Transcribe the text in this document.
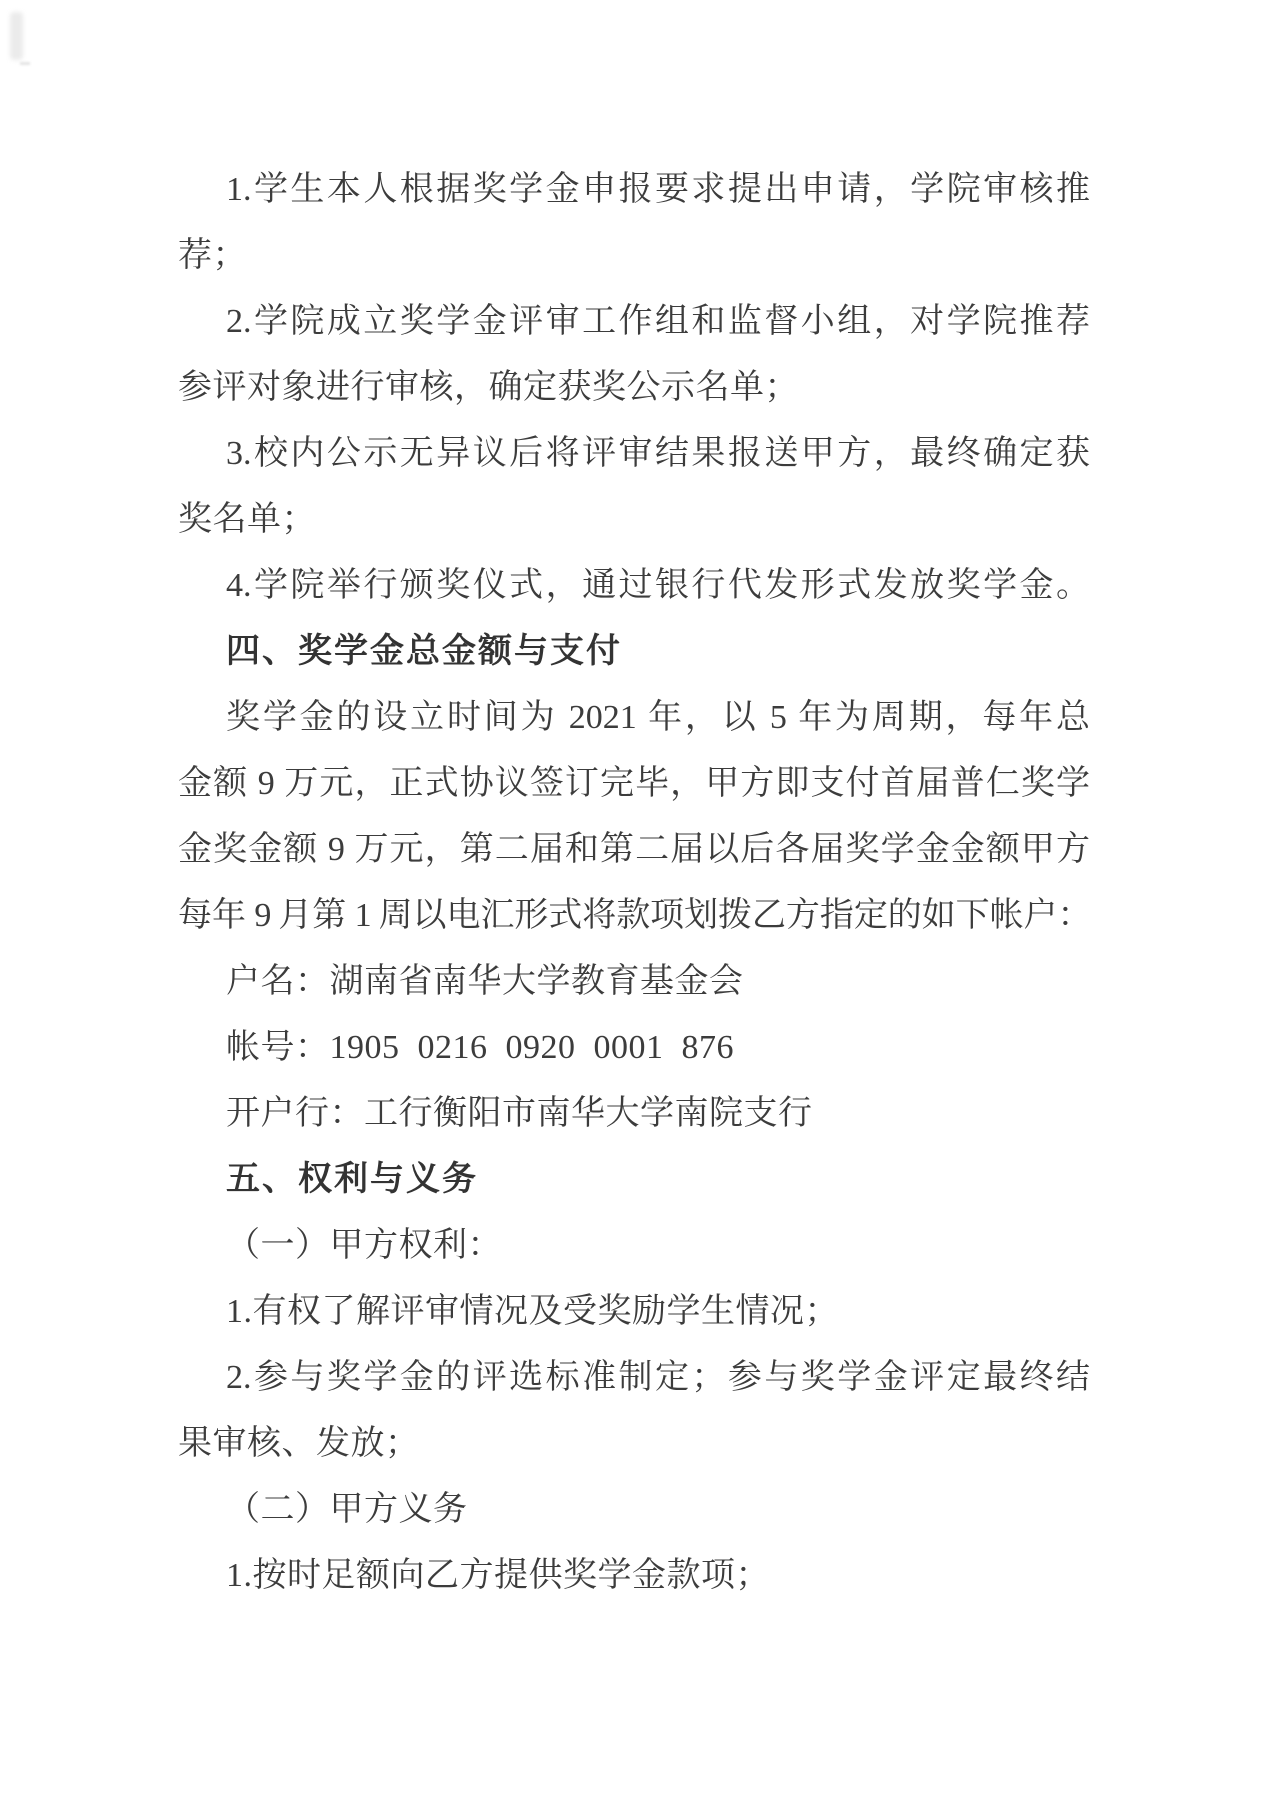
1.学生本人根据奖学金申报要求提出申请，学院审核推
荐；
2.学院成立奖学金评审工作组和监督小组，对学院推荐
参评对象进行审核，确定获奖公示名单；
3.校内公示无异议后将评审结果报送甲方，最终确定获
奖名单；
4.学院举行颁奖仪式，通过银行代发形式发放奖学金。
四、奖学金总金额与支付
奖学金的设立时间为 2021 年，以 5 年为周期，每年总
金额 9 万元，正式协议签订完毕，甲方即支付首届普仁奖学
金奖金额 9 万元，第二届和第二届以后各届奖学金金额甲方
每年 9 月第 1 周以电汇形式将款项划拨乙方指定的如下帐户：
户名：湖南省南华大学教育基金会
帐号：1905  0216  0920  0001  876
开户行：工行衡阳市南华大学南院支行
五、权利与义务
（一）甲方权利：
1.有权了解评审情况及受奖励学生情况；
2.参与奖学金的评选标准制定；参与奖学金评定最终结
果审核、发放；
（二）甲方义务
1.按时足额向乙方提供奖学金款项；
